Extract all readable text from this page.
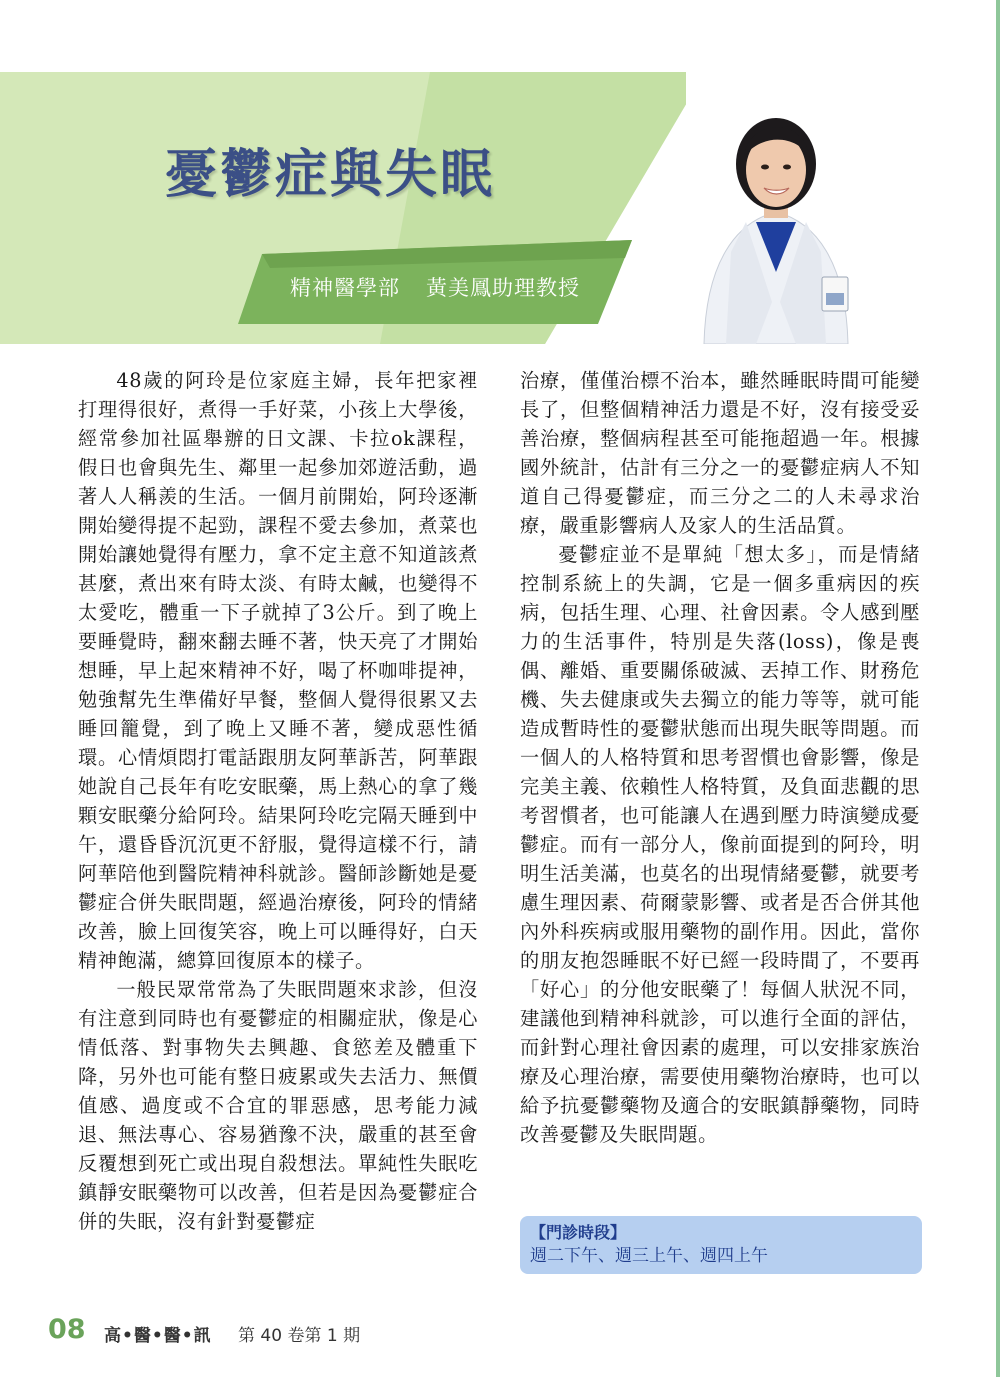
憂鬱症與失眠
精神醫學部 黃美鳳助理教授

48歲的阿玲是位家庭主婦，長年把家裡打理得很好，煮得一手好菜，小孩上大學後，經常參加社區舉辦的日文課、卡拉ok課程，假日也會與先生、鄰里一起參加郊遊活動，過著人人稱羨的生活。一個月前開始，阿玲逐漸開始變得提不起勁，課程不愛去參加，煮菜也開始讓她覺得有壓力，拿不定主意不知道該煮甚麼，煮出來有時太淡、有時太鹹，也變得不太愛吃，體重一下子就掉了3公斤。到了晚上要睡覺時，翻來翻去睡不著，快天亮了才開始想睡，早上起來精神不好，喝了杯咖啡提神，勉強幫先生準備好早餐，整個人覺得很累又去睡回籠覺，到了晚上又睡不著，變成惡性循環。心情煩悶打電話跟朋友阿華訴苦，阿華跟她說自己長年有吃安眠藥，馬上熱心的拿了幾顆安眠藥分給阿玲。結果阿玲吃完隔天睡到中午，還昏昏沉沉更不舒服，覺得這樣不行，請阿華陪他到醫院精神科就診。醫師診斷她是憂鬱症合併失眠問題，經過治療後，阿玲的情緒改善，臉上回復笑容，晚上可以睡得好，白天精神飽滿，總算回復原本的樣子。

一般民眾常常為了失眠問題來求診，但沒有注意到同時也有憂鬱症的相關症狀，像是心情低落、對事物失去興趣、食慾差及體重下降，另外也可能有整日疲累或失去活力、無價值感、過度或不合宜的罪惡感，思考能力減退、無法專心、容易猶豫不決，嚴重的甚至會反覆想到死亡或出現自殺想法。單純性失眠吃鎮靜安眠藥物可以改善，但若是因為憂鬱症合併的失眠，沒有針對憂鬱症

治療，僅僅治標不治本，雖然睡眠時間可能變長了，但整個精神活力還是不好，沒有接受妥善治療，整個病程甚至可能拖超過一年。根據國外統計，估計有三分之一的憂鬱症病人不知道自己得憂鬱症，而三分之二的人未尋求治療，嚴重影響病人及家人的生活品質。

憂鬱症並不是單純「想太多」，而是情緒控制系統上的失調，它是一個多重病因的疾病，包括生理、心理、社會因素。令人感到壓力的生活事件，特別是失落(loss)，像是喪偶、離婚、重要關係破滅、丟掉工作、財務危機、失去健康或失去獨立的能力等等，就可能造成暫時性的憂鬱狀態而出現失眠等問題。而一個人的人格特質和思考習慣也會影響，像是完美主義、依賴性人格特質，及負面悲觀的思考習慣者，也可能讓人在遇到壓力時演變成憂鬱症。而有一部分人，像前面提到的阿玲，明明生活美滿，也莫名的出現情緒憂鬱，就要考慮生理因素、荷爾蒙影響、或者是否合併其他內外科疾病或服用藥物的副作用。因此，當你的朋友抱怨睡眠不好已經一段時間了，不要再「好心」的分他安眠藥了！每個人狀況不同，建議他到精神科就診，可以進行全面的評估，而針對心理社會因素的處理，可以安排家族治療及心理治療，需要使用藥物治療時，也可以給予抗憂鬱藥物及適合的安眠鎮靜藥物，同時改善憂鬱及失眠問題。

【門診時段】
週二下午、週三上午、週四上午
08 高•醫•醫•訊 第 40 卷第 1 期
